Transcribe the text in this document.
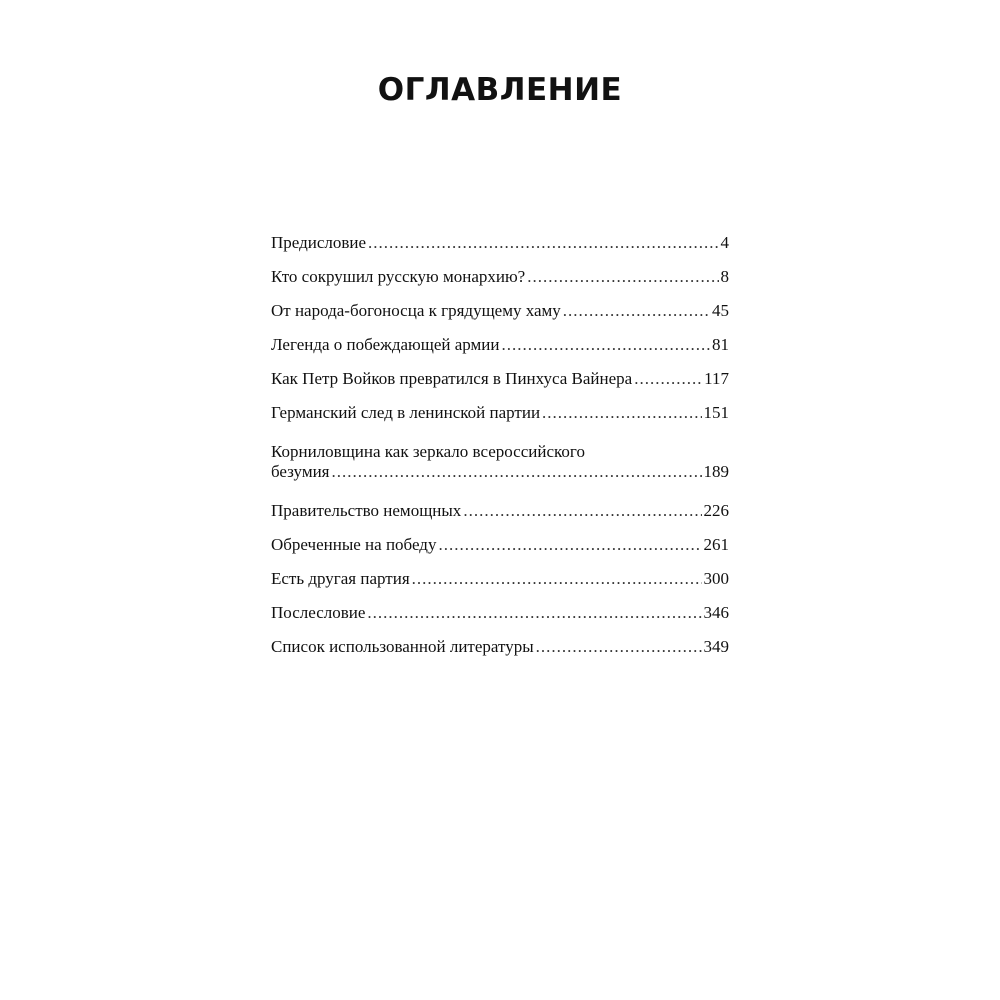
ОГЛАВЛЕНИЕ
Предисловие .....	4
Кто сокрушил русскую монархию? .....	8
От народа-богоносца к грядущему хаму .....	45
Легенда о побеждающей армии .....	81
Как Петр Войков превратился в Пинхуса Вайнера .....	117
Германский след в ленинской партии .....	151
Корниловщина как зеркало всероссийского
безумия .....	189
Правительство немощных .....	226
Обреченные на победу .....	261
Есть другая партия .....	300
Послесловие .....	346
Список использованной литературы .....	349
